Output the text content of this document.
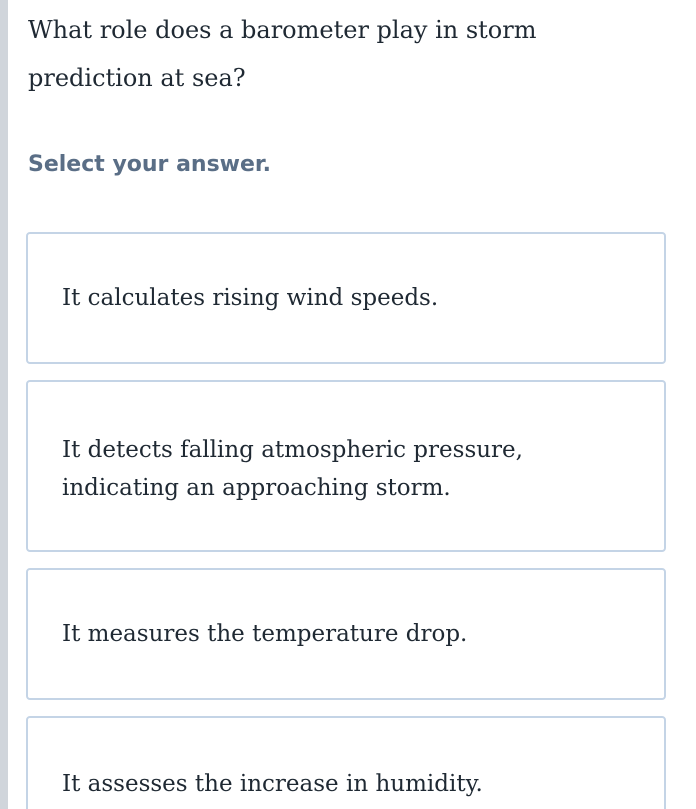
What role does a barometer play in storm prediction at sea?

Select your answer.

It calculates rising wind speeds.
It detects falling atmospheric pressure, indicating an approaching storm.
It measures the temperature drop.
It assesses the increase in humidity.
